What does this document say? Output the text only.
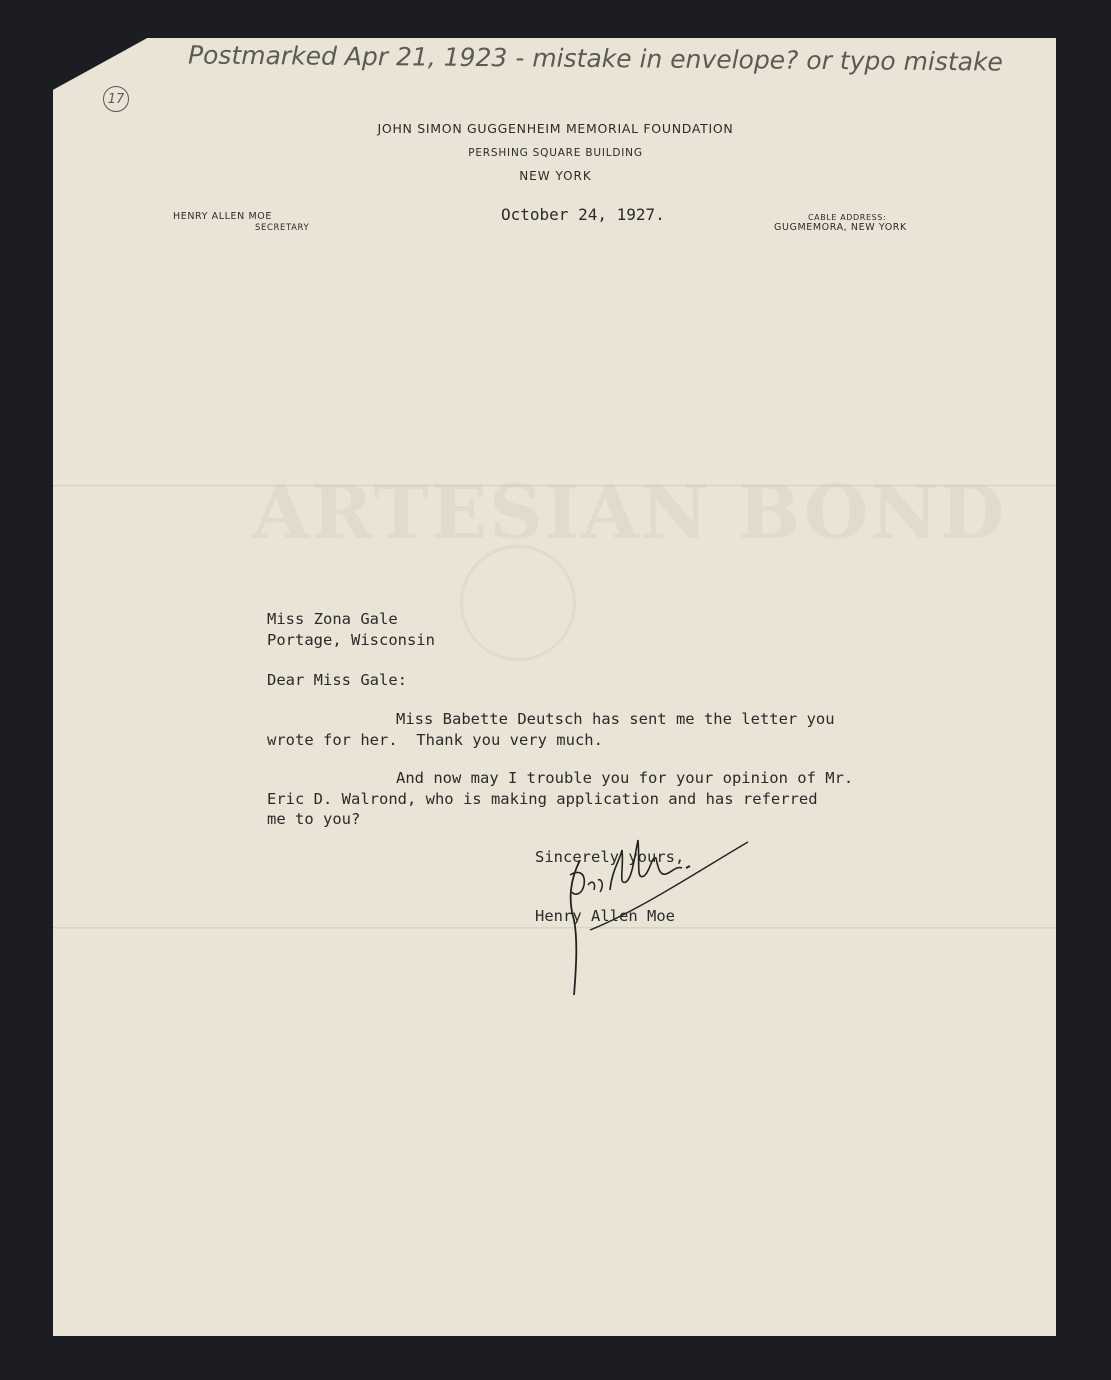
ARTESIAN BOND
Postmarked Apr 21, 1923 - mistake in envelope? or typo mistake
17
JOHN SIMON GUGGENHEIM MEMORIAL FOUNDATION
PERSHING SQUARE BUILDING
NEW YORK
HENRY ALLEN MOE
SECRETARY
CABLE ADDRESS:
GUGMEMORA, NEW YORK
October 24, 1927.
Miss Zona Gale
Portage, Wisconsin
Dear Miss Gale:
Miss Babette Deutsch has sent me the letter you
wrote for her.  Thank you very much.
And now may I trouble you for your opinion of Mr.
Eric D. Walrond, who is making application and has referred
me to you?
Sincerely yours,
Henry Allen Moe
